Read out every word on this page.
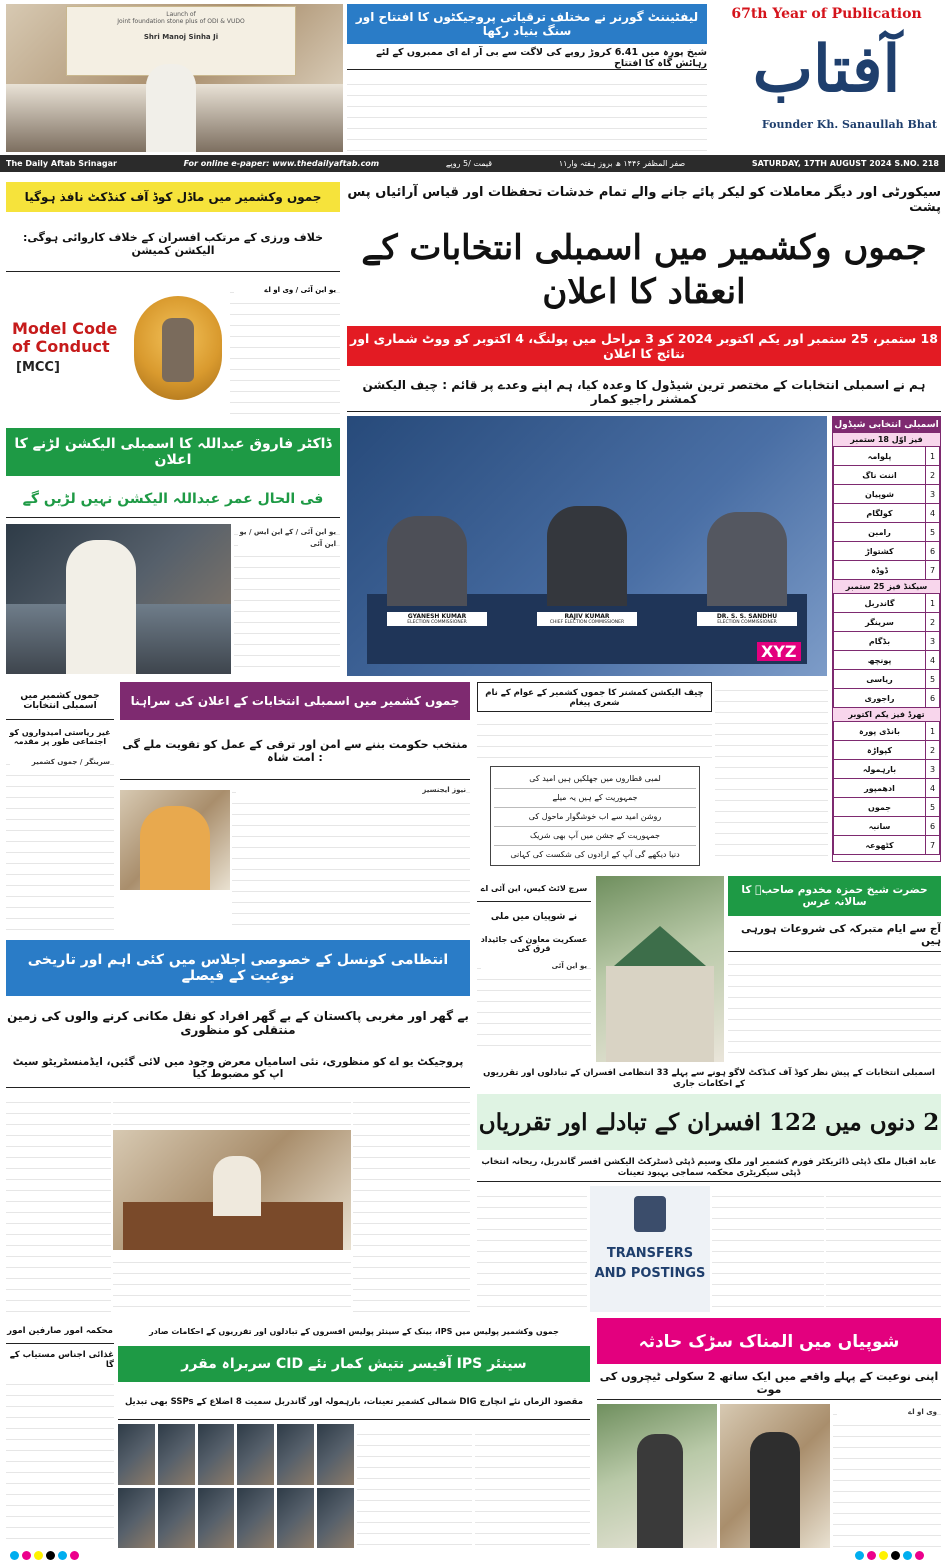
Launch of
Joint foundation stone plus of ODI & VUDO
Shri Manoj Sinha Ji
لیفٹیننٹ گورنر نے مختلف ترقیاتی پروجیکٹوں کا افتتاح اور سنگ بنیاد رکھا
شیخ پورہ میں 6.41 کروڑ روپے کی لاگت سے بی آر اے ای ممبروں کے لئے رہائش گاہ کا افتتاح
67th Year of Publication
آفتاب
Founder Kh. Sanaullah Bhat
The Daily Aftab Srinagar	For online e-paper: www.thedailyaftab.com	قیمت /5 روپے	۱۱صفر المظفر ۱۴۴۶ ھ بروز ہفتہ وار	SATURDAY, 17TH AUGUST 2024 S.NO. 218
جموں وکشمیر میں ماڈل کوڈ آف کنڈکٹ نافذ ہوگیا
خلاف ورزی کے مرتکب افسران کے خلاف کاروائی ہوگی: الیکشن کمیشن
Model Code of Conduct
[MCC]
یو این آئی / وی او اے
ڈاکٹر فاروق عبداللہ کا اسمبلی الیکشن لڑنے کا اعلان
فی الحال عمر عبداللہ الیکشن نہیں لڑیں گے
یو این آئی / کے این ایس / یو این آئی
سیکورٹی اور دیگر معاملات کو لیکر پائے جانے والے تمام خدشات تحفظات اور قیاس آرائیاں پس پشت
جموں وکشمیر میں اسمبلی انتخابات کے انعقاد کا اعلان
18 ستمبر، 25 ستمبر اور یکم اکتوبر 2024 کو 3 مراحل میں پولنگ، 4 اکتوبر کو ووٹ شماری اور نتائج کا اعلان
ہم نے اسمبلی انتخابات کے مختصر ترین شیڈول کا وعدہ کیا، ہم اپنے وعدے پر قائم : چیف الیکشن کمشنر راجیو کمار
GYANESH KUMAR
ELECTION COMMISSIONER
RAJIV KUMAR
CHIEF ELECTION COMMISSIONER
DR. S. S. SANDHU
ELECTION COMMISSIONER
XYZ
اسمبلی انتخابی شیڈول
فیز اوّل 18 ستمبر
پلوامہ	1
اننت ناگ	2
شوپیان	3
کولگام	4
رامبن	5
کشتواڑ	6
ڈوڈہ	7
سیکنڈ فیز 25 ستمبر
گاندربل	1
سرینگر	2
بڈگام	3
پونچھ	4
ریاسی	5
راجوری	6
تھرڈ فیز یکم اکتوبر
بانڈی پورہ	1
کپواڑہ	2
بارہمولہ	3
ادھمپور	4
جموں	5
سانبہ	6
کٹھوعہ	7
جموں کشمیر میں اسمبلی انتخابات
غیر ریاستی امیدواروں کو اجتماعی طور پر مقدمہ
سرینگر / جموں کشمیر
جموں کشمیر میں اسمبلی انتخابات کے اعلان کی سراہنا
منتخب حکومت بننے سے امن اور ترقی کے عمل کو تقویت ملے گی : امت شاہ
نیوز ایجنسیز
چیف الیکشن کمشنر کا جموں کشمیر کے عوام کے نام شعری پیغام
لمبی قطاروں میں جھلکیں ہیں امید کی
جمہوریت کے ہیں یہ میلے
روشن امید سے اب خوشگوار ماحول کی
جمہوریت کے جشن میں آپ بھی شریک
دنیا دیکھے گی آپ کے ارادوں کی شکست کی کہانی
انتظامی کونسل کے خصوصی اجلاس میں کئی اہم اور تاریخی نوعیت کے فیصلے
بے گھر اور مغربی پاکستان کے بے گھر افراد کو نقل مکانی کرنے والوں کی زمین منتقلی کو منظوری
پروجیکٹ یو اے کو منظوری، نئی اسامیاں معرض وجود میں لائی گئیں، ایڈمنسٹریٹو سیٹ اپ کو مضبوط کیا
سرچ لائٹ کیس، این آئی اے
نے شوپیان میں ملی
عسکریت معاون کی جائیداد قرق کی
یو این آئی
حضرت شیخ حمزہ مخدوم صاحبؒ کا سالانہ عرس
آج سے ایام متبرکہ کی شروعات ہورہی ہیں
اسمبلی انتخابات کے پیش نظر کوڈ آف کنڈکٹ لاگو ہونے سے پہلے 33 انتظامی افسران کے تبادلوں اور تقرریوں کے احکامات جاری
2 دنوں میں 122 افسران کے تبادلے اور تقرریاں
عابد اقبال ملک ڈپٹی ڈائریکٹر فورم کشمیر اور ملک وسیم ڈپٹی ڈسٹرکٹ الیکشن افسر گاندربل، ریحانہ انتخاب ڈپٹی سیکریٹری محکمہ سماجی بہبود تعینات
TRANSFERS
AND POSTINGS
محکمہ امور صارفین امور
غذائی اجناس مستیاب کے گا
جموں وکشمیر پولیس میں IPS، بینک کے سینئر پولیس افسروں کے تبادلوں اور تقرریوں کے احکامات صادر
سینئر IPS آفیسر نتیش کمار نئے CID سربراہ مقرر
مقصود الزماں نئے انچارج DIG شمالی کشمیر تعینات، بارہمولہ اور گاندربل سمیت 8 اضلاع کے SSPs بھی تبدیل
شوپیاں میں المناک سڑک حادثہ
اپنی نوعیت کے پہلے واقعے میں ایک ساتھ 2 سکولی ٹیچروں کی موت
وی او اے
